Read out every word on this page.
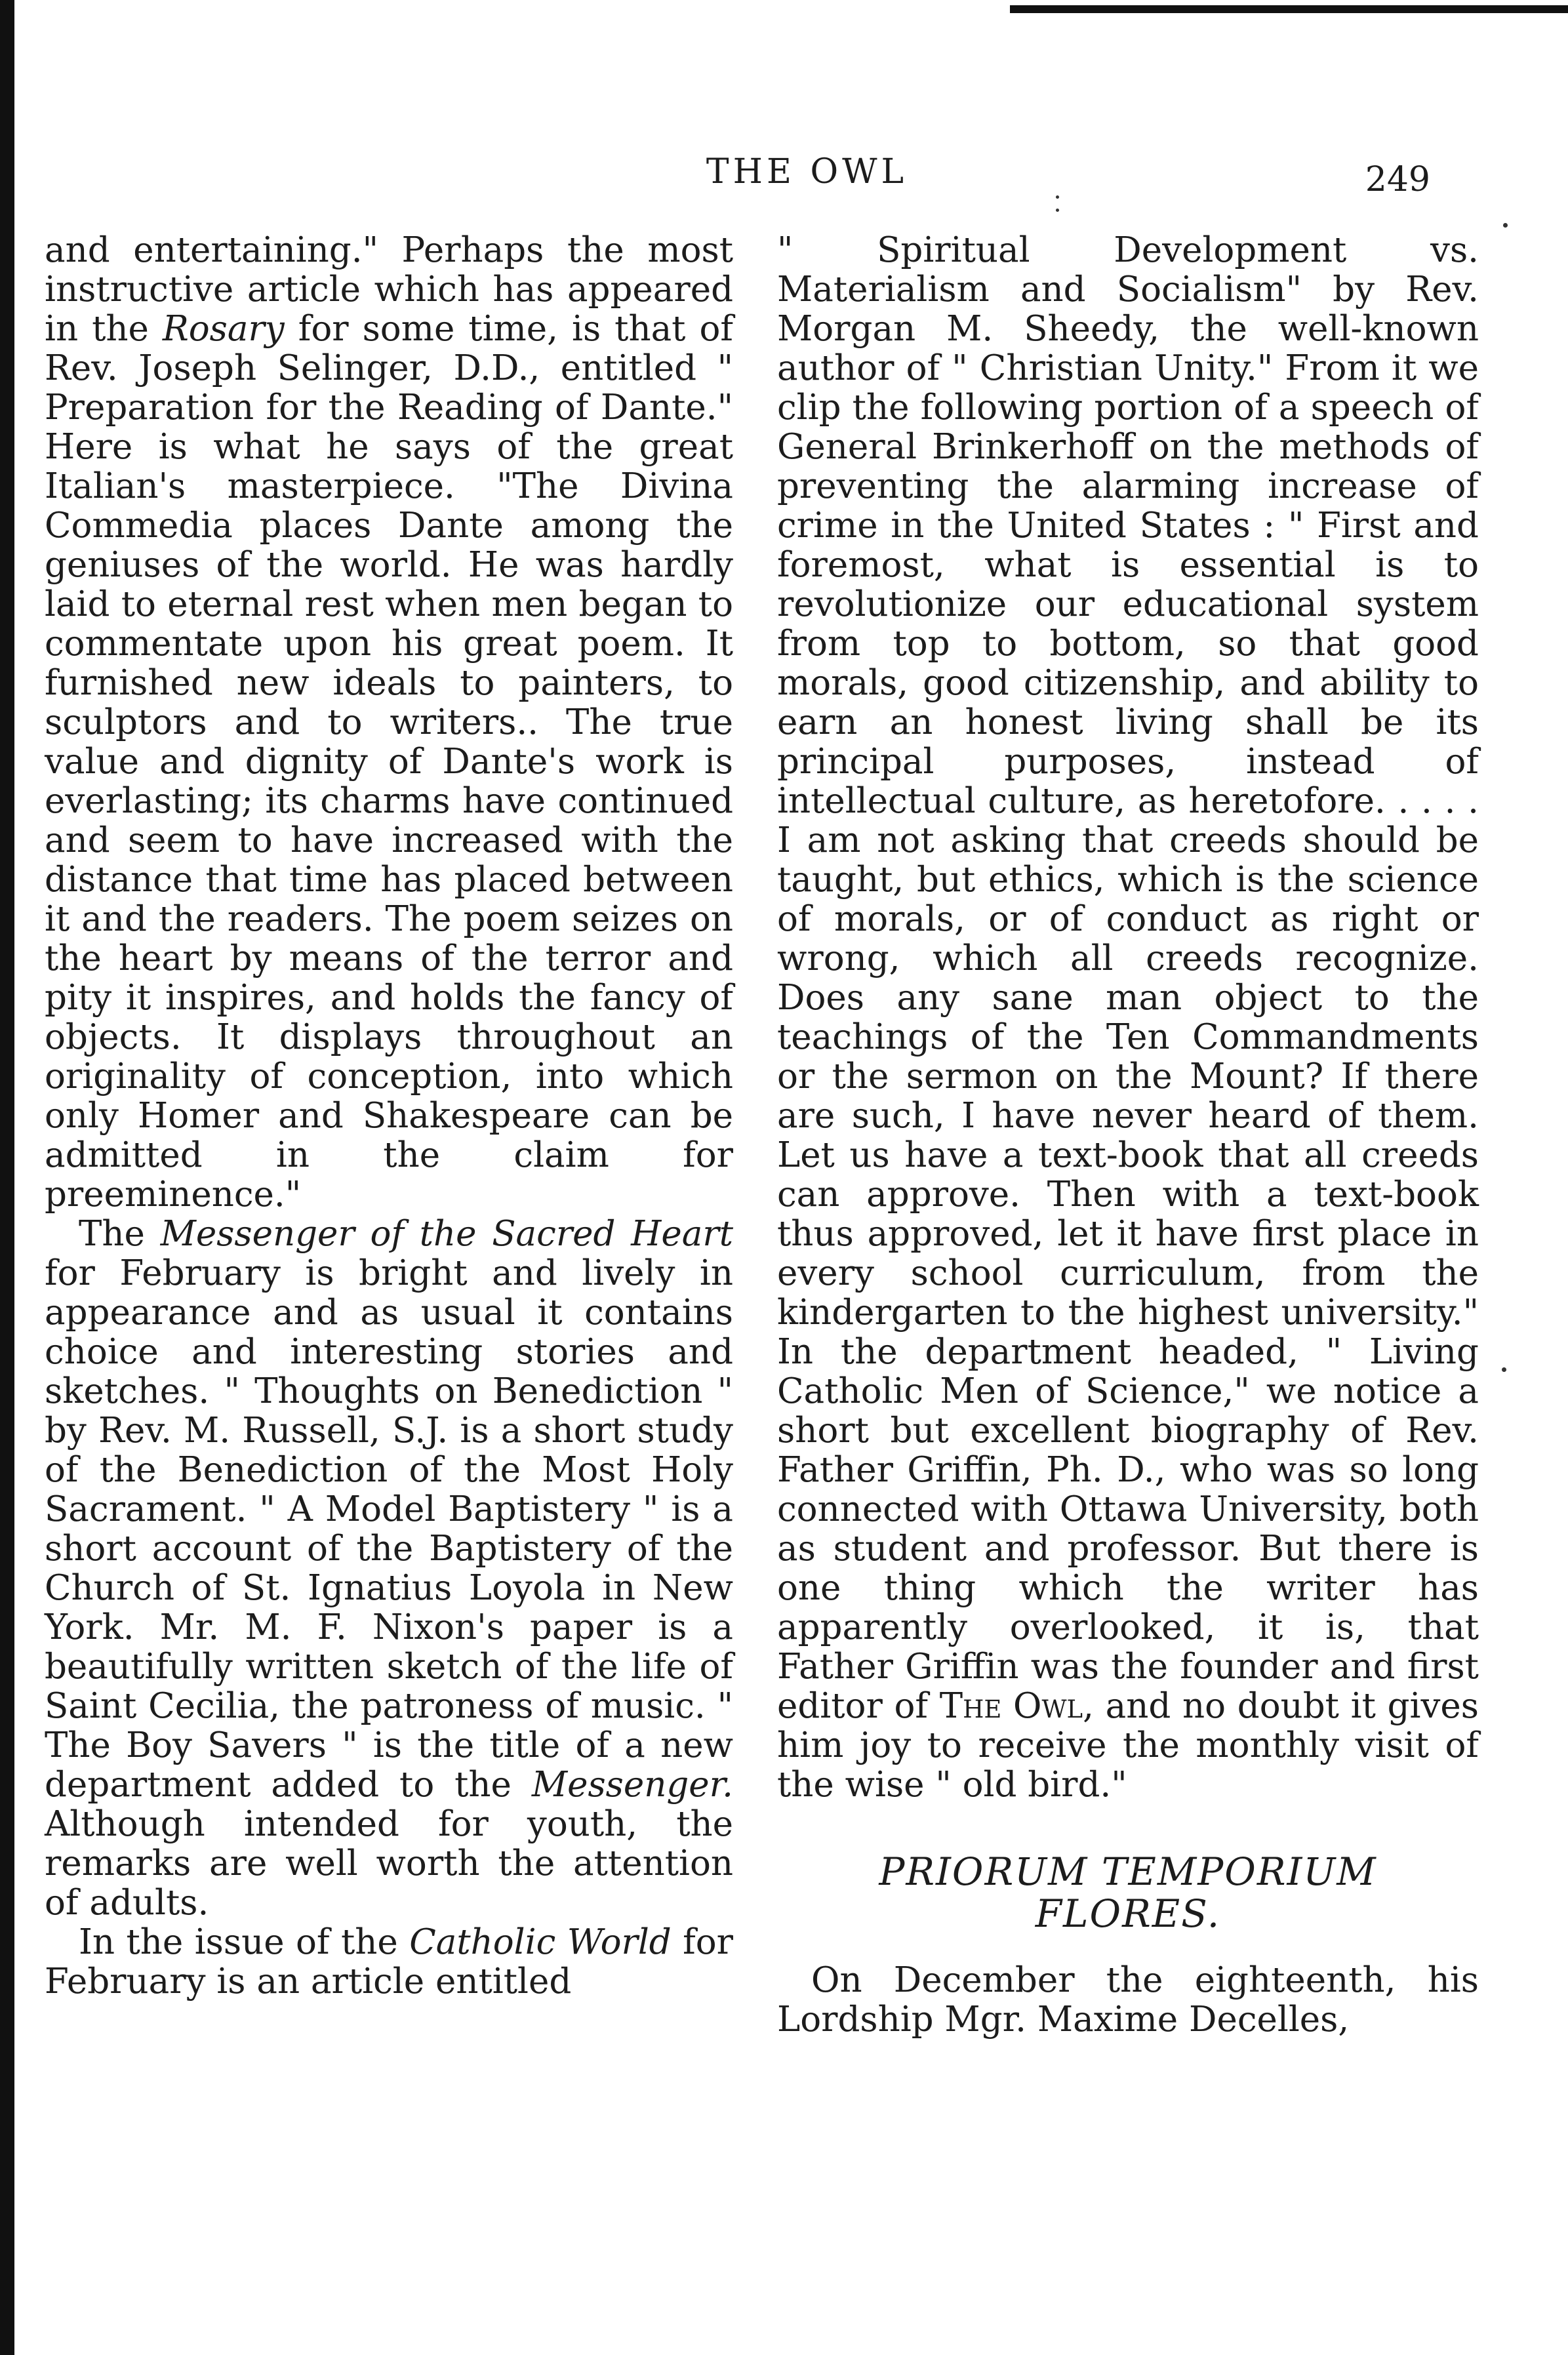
THE OWL	249

and entertaining." Perhaps the most instructive article which has appeared in the Rosary for some time, is that of Rev. Joseph Selinger, D.D., entitled " Preparation for the Reading of Dante." Here is what he says of the great Italian's masterpiece. "The Divina Commedia places Dante among the geniuses of the world. He was hardly laid to eternal rest when men began to commentate upon his great poem. It furnished new ideals to painters, to sculptors and to writers.. The true value and dignity of Dante's work is everlasting; its charms have continued and seem to have increased with the distance that time has placed between it and the readers. The poem seizes on the heart by means of the terror and pity it inspires, and holds the fancy of objects. It displays throughout an originality of conception, into which only Homer and Shakespeare can be admitted in the claim for preeminence."

The Messenger of the Sacred Heart for February is bright and lively in appearance and as usual it contains choice and interesting stories and sketches. " Thoughts on Benediction " by Rev. M. Russell, S.J. is a short study of the Benediction of the Most Holy Sacrament. " A Model Baptistery " is a short account of the Baptistery of the Church of St. Ignatius Loyola in New York. Mr. M. F. Nixon's paper is a beautifully written sketch of the life of Saint Cecilia, the patroness of music. " The Boy Savers " is the title of a new department added to the Messenger. Although intended for youth, the remarks are well worth the attention of adults.

In the issue of the Catholic World for February is an article entitled

" Spiritual Development vs. Materialism and Socialism" by Rev. Morgan M. Sheedy, the well-known author of " Christian Unity." From it we clip the following portion of a speech of General Brinkerhoff on the methods of preventing the alarming increase of crime in the United States : " First and foremost, what is essential is to revolutionize our educational system from top to bottom, so that good morals, good citizenship, and ability to earn an honest living shall be its principal purposes, instead of intellectual culture, as heretofore. . . . . I am not asking that creeds should be taught, but ethics, which is the science of morals, or of conduct as right or wrong, which all creeds recognize. Does any sane man object to the teachings of the Ten Commandments or the sermon on the Mount? If there are such, I have never heard of them. Let us have a text-book that all creeds can approve. Then with a text-book thus approved, let it have first place in every school curriculum, from the kindergarten to the highest university." In the department headed, " Living Catholic Men of Science," we notice a short but excellent biography of Rev. Father Griffin, Ph. D., who was so long connected with Ottawa University, both as student and professor. But there is one thing which the writer has apparently overlooked, it is, that Father Griffin was the founder and first editor of The Owl, and no doubt it gives him joy to receive the monthly visit of the wise " old bird."

PRIORUM TEMPORIUM
FLORES.

On December the eighteenth, his Lordship Mgr. Maxime Decelles,
